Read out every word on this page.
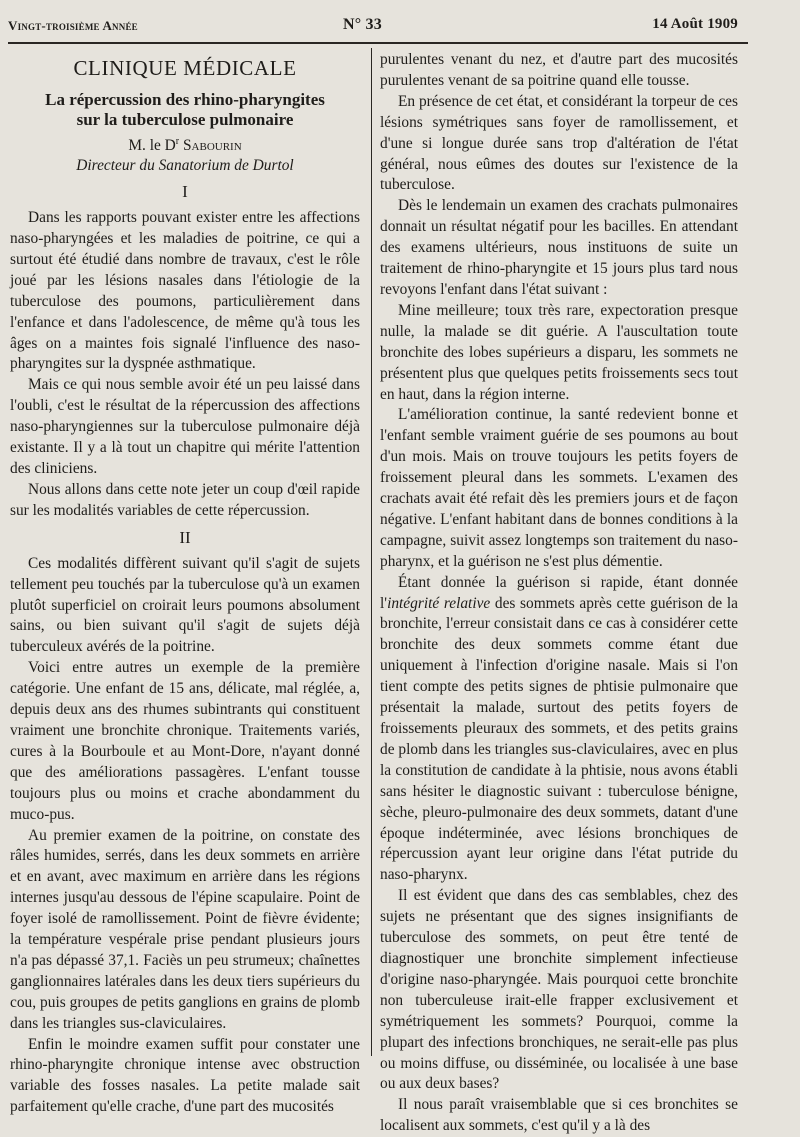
Vingt-troisième Année	N° 33	14 Août 1909
CLINIQUE MÉDICALE
La répercussion des rhino-pharyngites
sur la tuberculose pulmonaire

M. le $D^r$ Sabourin

Directeur du Sanatorium de Durtol

I

Dans les rapports pouvant exister entre les affections naso-pharyngées et les maladies de poitrine, ce qui a surtout été étudié dans nombre de travaux, c'est le rôle joué par les lésions nasales dans l'étiologie de la tuberculose des poumons, particulièrement dans l'enfance et dans l'adolescence, de même qu'à tous les âges on a maintes fois signalé l'influence des naso-pharyngites sur la dyspnée asthmatique.

Mais ce qui nous semble avoir été un peu laissé dans l'oubli, c'est le résultat de la répercussion des affections naso-pharyngiennes sur la tuberculose pulmonaire déjà existante. Il y a là tout un chapitre qui mérite l'attention des cliniciens.

Nous allons dans cette note jeter un coup d'œil rapide sur les modalités variables de cette répercussion.

II

Ces modalités diffèrent suivant qu'il s'agit de sujets tellement peu touchés par la tuberculose qu'à un examen plutôt superficiel on croirait leurs poumons absolument sains, ou bien suivant qu'il s'agit de sujets déjà tuberculeux avérés de la poitrine.

Voici entre autres un exemple de la première catégorie. Une enfant de 15 ans, délicate, mal réglée, a, depuis deux ans des rhumes subintrants qui constituent vraiment une bronchite chronique. Traitements variés, cures à la Bourboule et au Mont-Dore, n'ayant donné que des améliorations passagères. L'enfant tousse toujours plus ou moins et crache abondamment du muco-pus.

Au premier examen de la poitrine, on constate des râles humides, serrés, dans les deux sommets en arrière et en avant, avec maximum en arrière dans les régions internes jusqu'au dessous de l'épine scapulaire. Point de foyer isolé de ramollissement. Point de fièvre évidente; la température vespérale prise pendant plusieurs jours n'a pas dépassé 37,1. Faciès un peu strumeux; chaînettes ganglionnaires latérales dans les deux tiers supérieurs du cou, puis groupes de petits ganglions en grains de plomb dans les triangles sus-claviculaires.

Enfin le moindre examen suffit pour constater une rhino-pharyngite chronique intense avec obstruction variable des fosses nasales. La petite malade sait parfaitement qu'elle crache, d'une part des mucosités

purulentes venant du nez, et d'autre part des mucosités purulentes venant de sa poitrine quand elle tousse.

En présence de cet état, et considérant la torpeur de ces lésions symétriques sans foyer de ramollissement, et d'une si longue durée sans trop d'altération de l'état général, nous eûmes des doutes sur l'existence de la tuberculose.

Dès le lendemain un examen des crachats pulmonaires donnait un résultat négatif pour les bacilles. En attendant des examens ultérieurs, nous instituons de suite un traitement de rhino-pharyngite et 15 jours plus tard nous revoyons l'enfant dans l'état suivant :

Mine meilleure; toux très rare, expectoration presque nulle, la malade se dit guérie. A l'auscultation toute bronchite des lobes supérieurs a disparu, les sommets ne présentent plus que quelques petits froissements secs tout en haut, dans la région interne.

L'amélioration continue, la santé redevient bonne et l'enfant semble vraiment guérie de ses poumons au bout d'un mois. Mais on trouve toujours les petits foyers de froissement pleural dans les sommets. L'examen des crachats avait été refait dès les premiers jours et de façon négative. L'enfant habitant dans de bonnes conditions à la campagne, suivit assez longtemps son traitement du naso-pharynx, et la guérison ne s'est plus démentie.

Étant donnée la guérison si rapide, étant donnée l'intégrité relative des sommets après cette guérison de la bronchite, l'erreur consistait dans ce cas à considérer cette bronchite des deux sommets comme étant due uniquement à l'infection d'origine nasale. Mais si l'on tient compte des petits signes de phtisie pulmonaire que présentait la malade, surtout des petits foyers de froissements pleuraux des sommets, et des petits grains de plomb dans les triangles sus-claviculaires, avec en plus la constitution de candidate à la phtisie, nous avons établi sans hésiter le diagnostic suivant : tuberculose bénigne, sèche, pleuro-pulmonaire des deux sommets, datant d'une époque indéterminée, avec lésions bronchiques de répercussion ayant leur origine dans l'état putride du naso-pharynx.

Il est évident que dans des cas semblables, chez des sujets ne présentant que des signes insignifiants de tuberculose des sommets, on peut être tenté de diagnostiquer une bronchite simplement infectieuse d'origine naso-pharyngée. Mais pourquoi cette bronchite non tuberculeuse irait-elle frapper exclusivement et symétriquement les sommets? Pourquoi, comme la plupart des infections bronchiques, ne serait-elle pas plus ou moins diffuse, ou disséminée, ou localisée à une base ou aux deux bases?

Il nous paraît vraisemblable que si ces bronchites se localisent aux sommets, c'est qu'il y a là des
